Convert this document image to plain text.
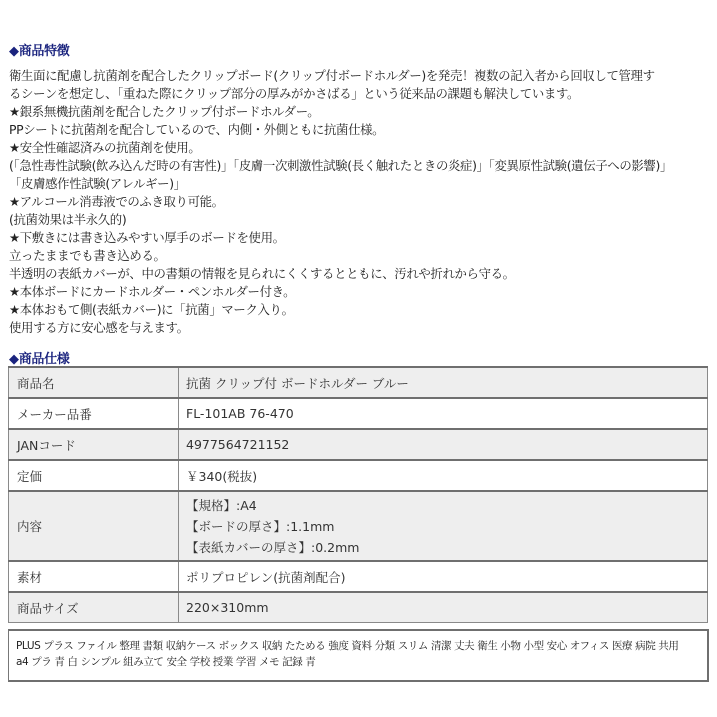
◆商品特徴
衛生面に配慮し抗菌剤を配合したクリップボード(クリップ付ボードホルダー)を発売！複数の記入者から回収して管理す
るシーンを想定し、「重ねた際にクリップ部分の厚みがかさばる」という従来品の課題も解決しています。
★銀系無機抗菌剤を配合したクリップ付ボードホルダー。
PPシートに抗菌剤を配合しているので、内側・外側ともに抗菌仕様。
★安全性確認済みの抗菌剤を使用。
(「急性毒性試験(飲み込んだ時の有害性)」「皮膚一次刺激性試験(長く触れたときの炎症)」「変異原性試験(遺伝子への影響)」
「皮膚感作性試験(アレルギー)」
★アルコール消毒液でのふき取り可能。
(抗菌効果は半永久的)
★下敷きには書き込みやすい厚手のボードを使用。
立ったままでも書き込める。
半透明の表紙カバーが、中の書類の情報を見られにくくするとともに、汚れや折れから守る。
★本体ボードにカードホルダー・ペンホルダー付き。
★本体おもて側(表紙カバー)に「抗菌」マーク入り。
使用する方に安心感を与えます。
◆商品仕様
商品名	抗菌 クリップ付 ボードホルダー ブルー
メーカー品番	FL-101AB 76-470
JANコード	4977564721152
定価	￥340(税抜)
内容	【規格】:A4
【ボードの厚さ】:1.1mm
【表紙カバーの厚さ】:0.2mm

素材	ポリプロピレン(抗菌剤配合)
商品サイズ	220×310mm
PLUS プラス ファイル 整理 書類 収納ケース ボックス 収納 たためる 強度 資料 分類 スリム 清潔 丈夫 衛生 小物 小型 安心 オフィス 医療 病院 共用
a4 プラ 青 白 シンプル 組み立て 安全 学校 授業 学習 メモ 記録 青
